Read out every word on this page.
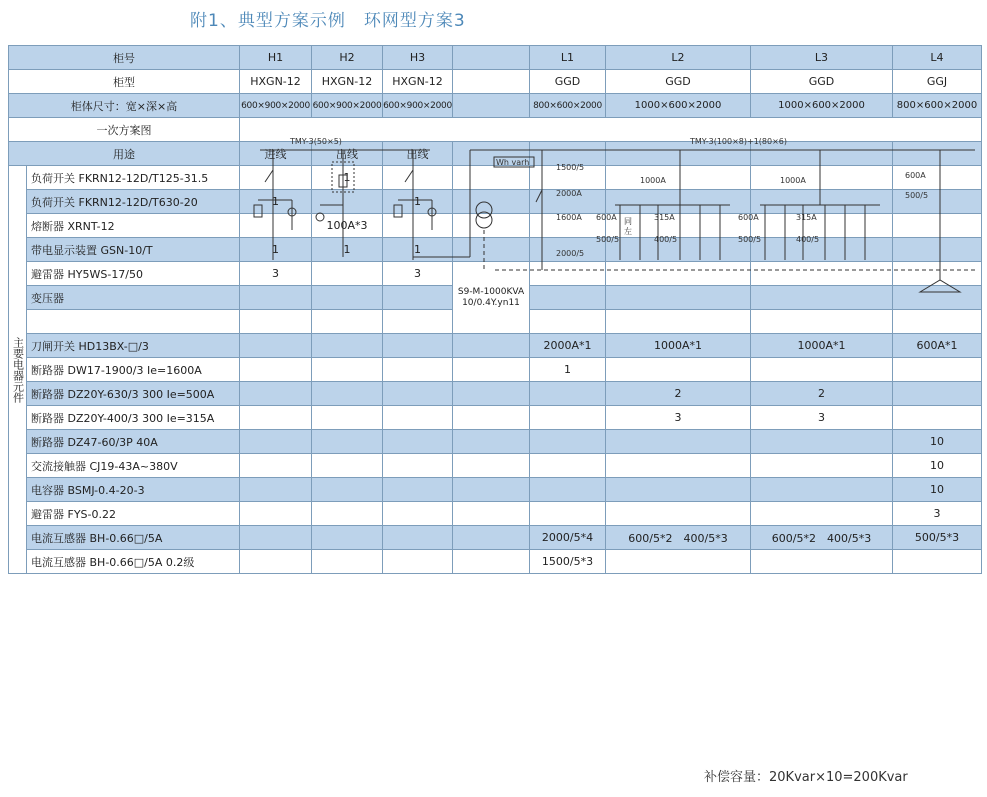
附1、典型方案示例　环网型方案3
柜号		H1	H2	H3		L1	L2	L3	L4
柜型		HXGN-12	HXGN-12	HXGN-12		GGD	GGD	GGD	GGJ
柜体尺寸：宽×深×高		600×900×2000	600×900×2000	600×900×2000		800×600×2000	1000×600×2000	1000×600×2000	800×600×2000
一次方案图									
用途		进线	出线	出线					
主要电器元件	负荷开关 FKRN12-12D/T125-31.5		1						
	负荷开关 FKRN12-12D/T630-20	1		1					
	熔断器 XRNT-12		100A*3						
	带电显示装置 GSN-10/T	1	1	1					
	避雷器 HY5WS-17/50	3		3	S9-M-1000KVA 10/0.4Y.yn11				
	变压器								

	刀闸开关 HD13BX-□/3					2000A*1	1000A*1	1000A*1	600A*1
	断路器 DW17-1900/3 Ie=1600A					1			
	断路器 DZ20Y-630/3 300 Ie=500A						2	2	
	断路器 DZ20Y-400/3 300 Ie=315A						3	3	
	断路器 DZ47-60/3P 40A								10
	交流接触器 CJ19-43A~380V								10
	电容器 BSMJ-0.4-20-3								10
	避雷器 FYS-0.22								3
	电流互感器 BH-0.66□/5A					2000/5*4	600/5*2　400/5*3	600/5*2　400/5*3	500/5*3
	电流互感器 BH-0.66□/5A 0.2级					1500/5*3			
TMY-3(50×5)	TMY-3(100×8)+1(80×6)
Wh varh
1500/5
2000A
1600A
2000/5
1000A	1000A
600A
500/5
315A
400/5
600A
500/5
315A
400/5
同
左
600A
500/5
补偿容量：20Kvar×10=200Kvar
